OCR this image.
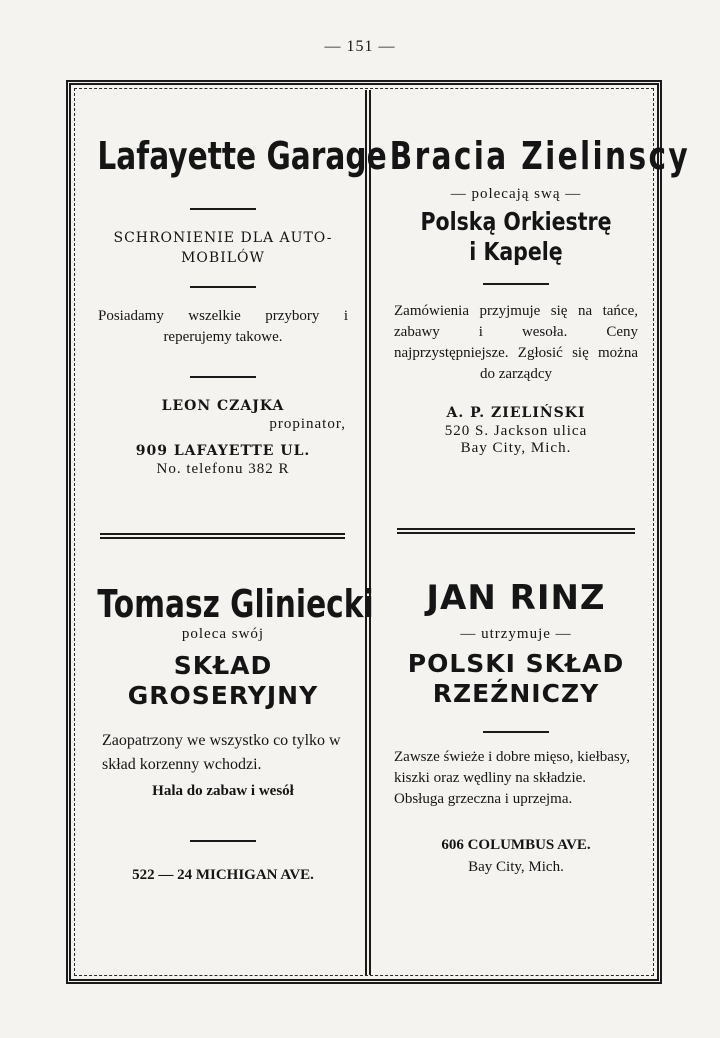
— 151 —
Lafayette Garage
SCHRONIENIE DLA AUTO-MOBILÓW
Posiadamy wszelkie przybory i reperujemy takowe.
LEON CZAJKA
propinator,
909 LAFAYETTE UL.
No. telefonu 382 R
Bracia Zielinscy
— polecają swą —
Polską Orkiestrę
i Kapelę
Zamówienia przyjmuje się na tańce, zabawy i wesoła. Ceny najprzystępniejsze. Zgłosić się można do zarządcy
A. P. ZIELIŃSKI
520 S. Jackson ulica
Bay City, Mich.
Tomasz Gliniecki
poleca swój
SKŁAD
GROSERYJNY
Zaopatrzony we wszystko co tylko w skład korzenny wchodzi.
Hala do zabaw i wesół
522 — 24 MICHIGAN AVE.
JAN RINZ
— utrzymuje —
POLSKI SKŁAD
RZEŹNICZY
Zawsze świeże i dobre mięso, kiełbasy, kiszki oraz wędliny na składzie. Obsługa grzeczna i uprzejma.
606 COLUMBUS AVE.
Bay City, Mich.
